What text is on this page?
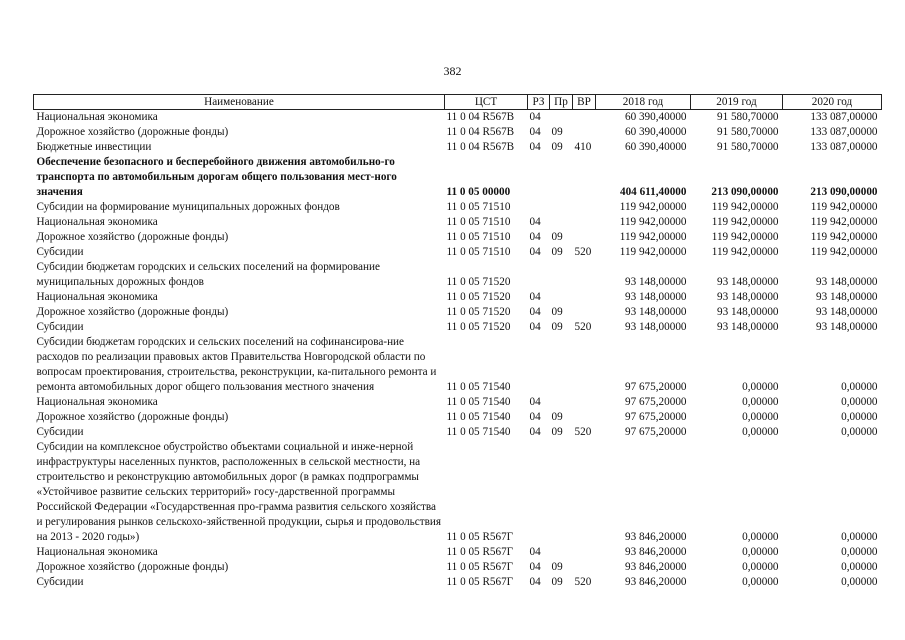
382
Наименование	ЦСТ	РЗ	Пр	ВР	2018 год	2019 год	2020 год
Национальная экономика	11 0 04 R567B	04			60 390,40000	91 580,70000	133 087,00000
Дорожное хозяйство (дорожные фонды)	11 0 04 R567B	04	09		60 390,40000	91 580,70000	133 087,00000
Бюджетные инвестиции	11 0 04 R567B	04	09	410	60 390,40000	91 580,70000	133 087,00000
Обеспечение безопасного и бесперебойного движения автомобильно-го транспорта по автомобильным дорогам общего пользования мест-ного значения	11 0 05 00000				404 611,40000	213 090,00000	213 090,00000
Субсидии на формирование муниципальных дорожных фондов	11 0 05 71510				119 942,00000	119 942,00000	119 942,00000
Национальная экономика	11 0 05 71510	04			119 942,00000	119 942,00000	119 942,00000
Дорожное хозяйство (дорожные фонды)	11 0 05 71510	04	09		119 942,00000	119 942,00000	119 942,00000
Субсидии	11 0 05 71510	04	09	520	119 942,00000	119 942,00000	119 942,00000
Субсидии бюджетам городских и сельских поселений на формирование муниципальных дорожных фондов	11 0 05 71520				93 148,00000	93 148,00000	93 148,00000
Национальная экономика	11 0 05 71520	04			93 148,00000	93 148,00000	93 148,00000
Дорожное хозяйство (дорожные фонды)	11 0 05 71520	04	09		93 148,00000	93 148,00000	93 148,00000
Субсидии	11 0 05 71520	04	09	520	93 148,00000	93 148,00000	93 148,00000
Субсидии бюджетам городских и сельских поселений на софинансирова-ние расходов по реализации правовых актов Правительства Новгородской области по вопросам проектирования, строительства, реконструкции, ка-питального ремонта и ремонта автомобильных дорог общего пользования местного значения	11 0 05 71540				97 675,20000	0,00000	0,00000
Национальная экономика	11 0 05 71540	04			97 675,20000	0,00000	0,00000
Дорожное хозяйство (дорожные фонды)	11 0 05 71540	04	09		97 675,20000	0,00000	0,00000
Субсидии	11 0 05 71540	04	09	520	97 675,20000	0,00000	0,00000
Субсидии на комплексное обустройство объектами социальной и инже-нерной инфраструктуры населенных пунктов, расположенных в сельской местности, на строительство и реконструкцию автомобильных дорог (в рамках подпрограммы «Устойчивое развитие сельских территорий» госу-дарственной программы Российской Федерации «Государственная про-грамма развития сельского хозяйства и регулирования рынков сельскохо-зяйственной продукции, сырья и продовольствия на 2013 - 2020 годы»)	11 0 05 R567Г				93 846,20000	0,00000	0,00000
Национальная экономика	11 0 05 R567Г	04			93 846,20000	0,00000	0,00000
Дорожное хозяйство (дорожные фонды)	11 0 05 R567Г	04	09		93 846,20000	0,00000	0,00000
Субсидии	11 0 05 R567Г	04	09	520	93 846,20000	0,00000	0,00000
